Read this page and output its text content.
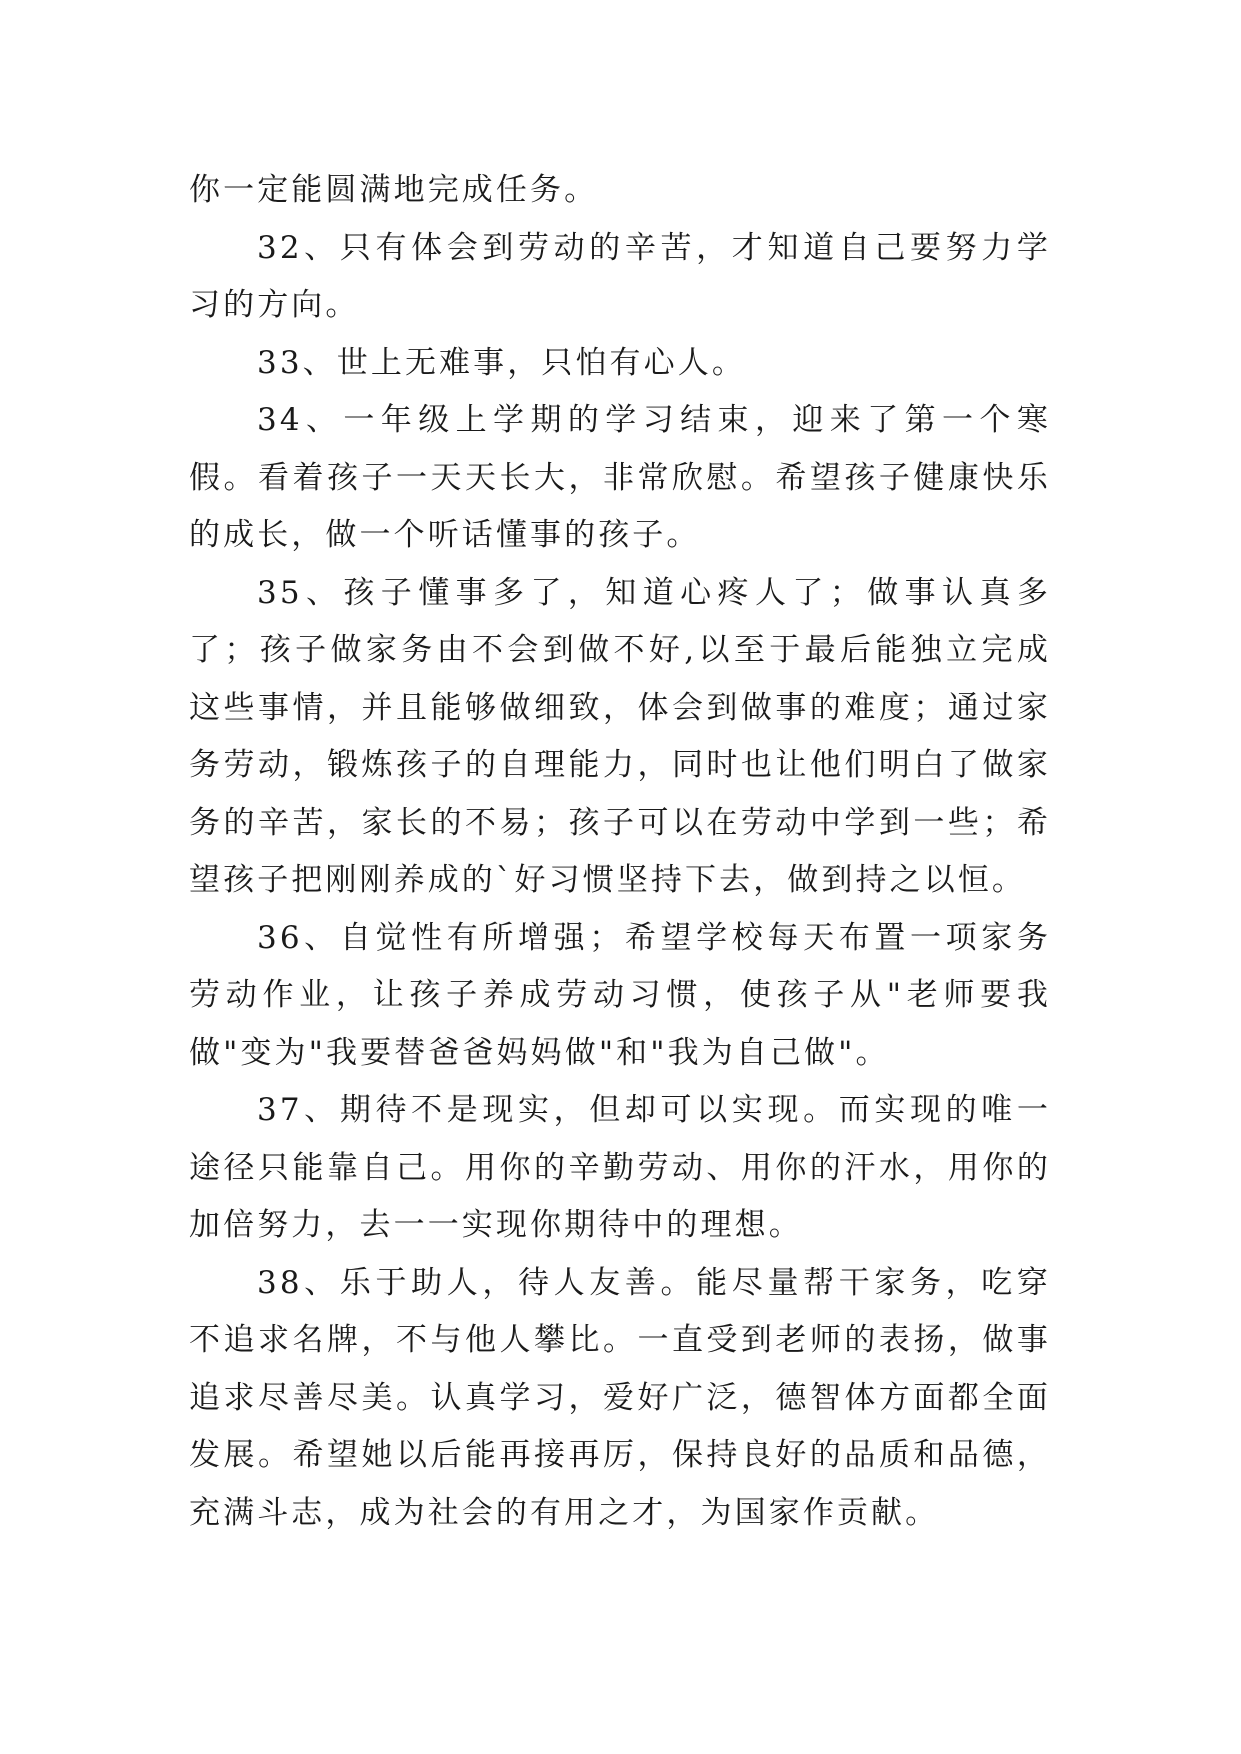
你一定能圆满地完成任务。

32、只有体会到劳动的辛苦，才知道自己要努力学习的方向。

33、世上无难事，只怕有心人。

34、一年级上学期的学习结束，迎来了第一个寒假。看着孩子一天天长大，非常欣慰。希望孩子健康快乐的成长，做一个听话懂事的孩子。

35、孩子懂事多了，知道心疼人了；做事认真多了；孩子做家务由不会到做不好,以至于最后能独立完成这些事情，并且能够做细致，体会到做事的难度；通过家务劳动，锻炼孩子的自理能力，同时也让他们明白了做家务的辛苦，家长的不易；孩子可以在劳动中学到一些；希望孩子把刚刚养成的`好习惯坚持下去，做到持之以恒。

36、自觉性有所增强；希望学校每天布置一项家务劳动作业，让孩子养成劳动习惯，使孩子从"老师要我做"变为"我要替爸爸妈妈做"和"我为自己做"。

37、期待不是现实，但却可以实现。而实现的唯一途径只能靠自己。用你的辛勤劳动、用你的汗水，用你的加倍努力，去一一实现你期待中的理想。

38、乐于助人，待人友善。能尽量帮干家务，吃穿不追求名牌，不与他人攀比。一直受到老师的表扬，做事追求尽善尽美。认真学习，爱好广泛，德智体方面都全面发展。希望她以后能再接再厉，保持良好的品质和品德，充满斗志，成为社会的有用之才，为国家作贡献。
